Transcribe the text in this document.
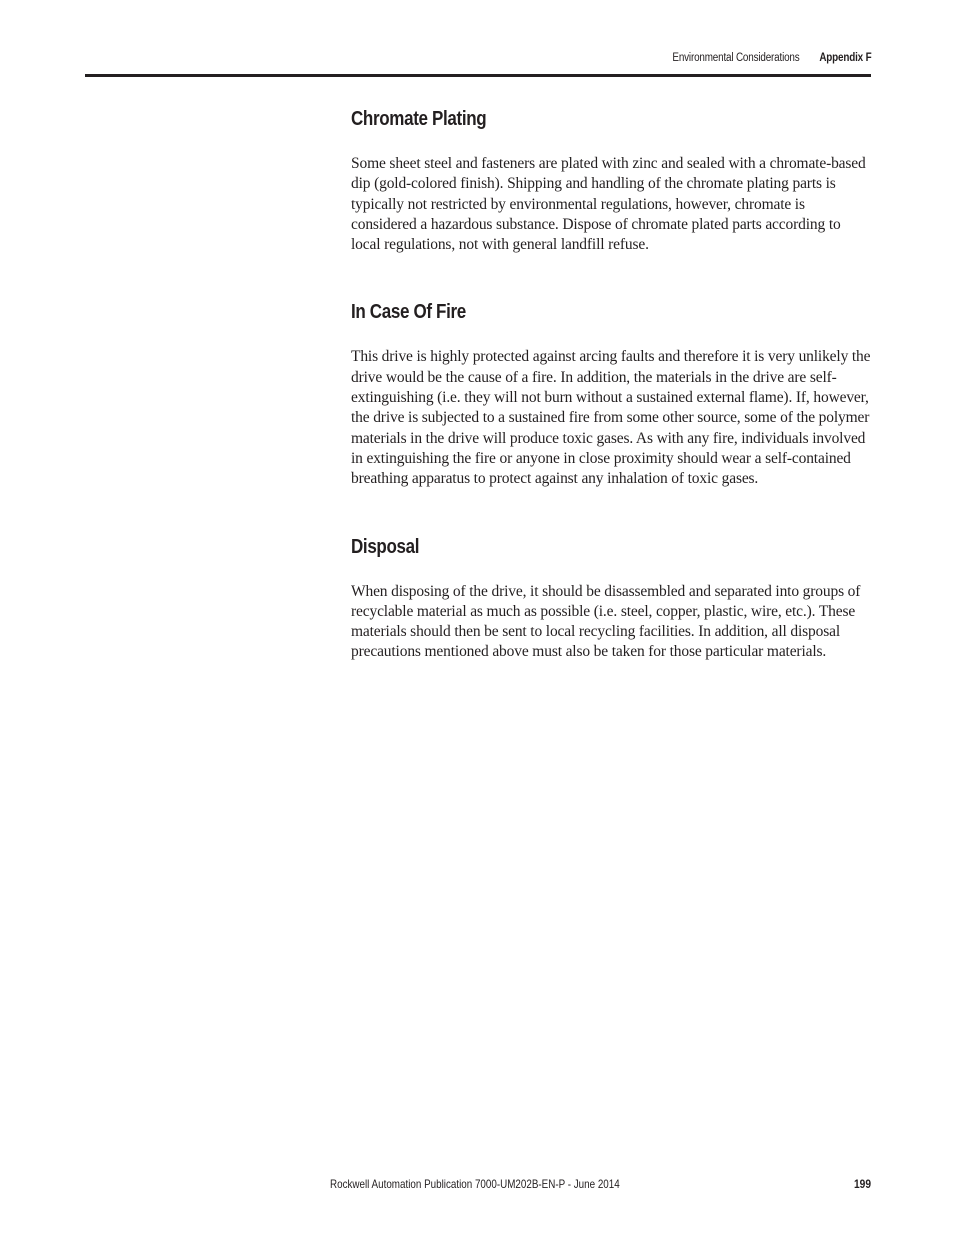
Environmental Considerations Appendix F
Chromate Plating

Some sheet steel and fasteners are plated with zinc and sealed with a chromate-based dip (gold-colored finish). Shipping and handling of the chromate plating parts is typically not restricted by environmental regulations, however, chromate is considered a hazardous substance. Dispose of chromate plated parts according to local regulations, not with general landfill refuse.

In Case Of Fire

This drive is highly protected against arcing faults and therefore it is very unlikely the drive would be the cause of a fire. In addition, the materials in the drive are self-extinguishing (i.e. they will not burn without a sustained external flame). If, however, the drive is subjected to a sustained fire from some other source, some of the polymer materials in the drive will produce toxic gases. As with any fire, individuals involved in extinguishing the fire or anyone in close proximity should wear a self-contained breathing apparatus to protect against any inhalation of toxic gases.

Disposal

When disposing of the drive, it should be disassembled and separated into groups of recyclable material as much as possible (i.e. steel, copper, plastic, wire, etc.). These materials should then be sent to local recycling facilities. In addition, all disposal precautions mentioned above must also be taken for those particular materials.

Rockwell Automation Publication 7000-UM202B-EN-P - June 2014	199
